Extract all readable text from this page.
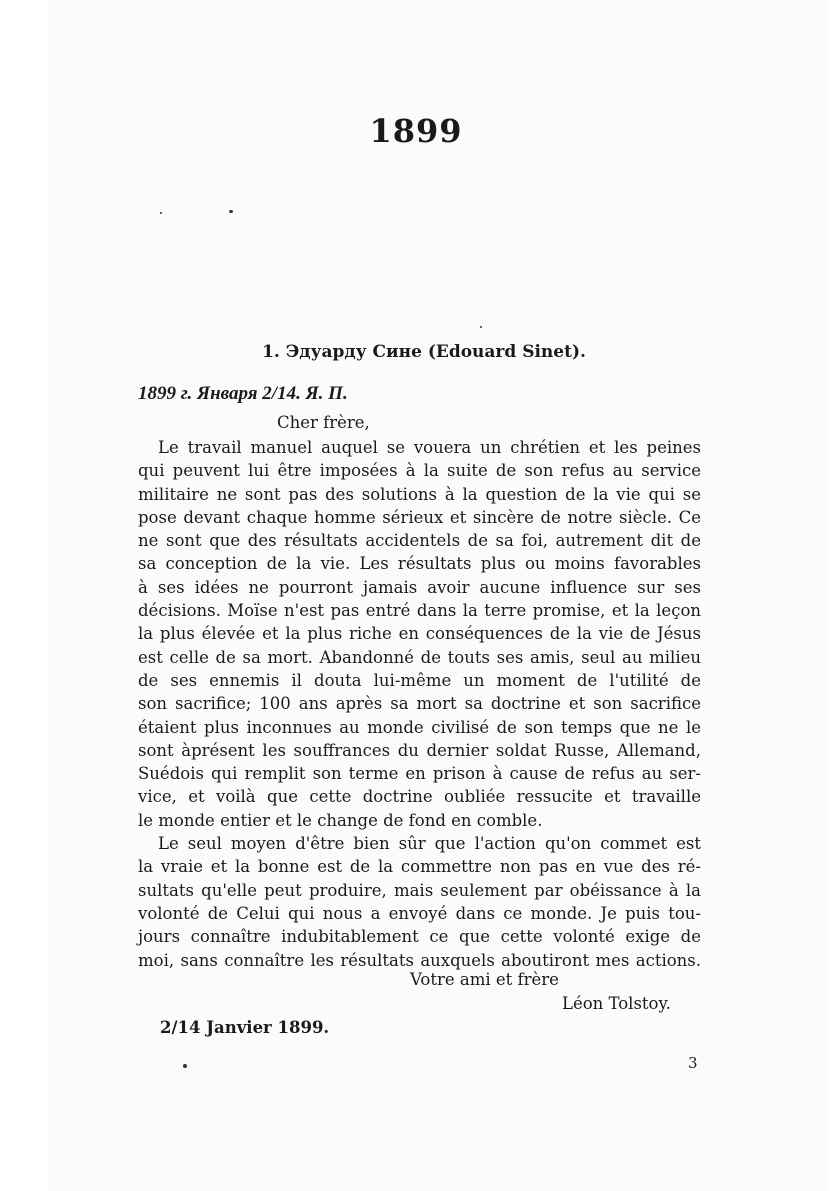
1899
1. Эдуарду Сине (Edouard Sinet).
1899 г. Января 2/14. Я. П.
Cher frère,
Le travail manuel auquel se vouera un chrétien et les peines
qui peuvent lui être imposées à la suite de son refus au service
militaire ne sont pas des solutions à la question de la vie qui se
pose devant chaque homme sérieux et sincère de notre siècle. Ce
ne sont que des résultats accidentels de sa foi, autrement dit de
sa conception de la vie. Les résultats plus ou moins favorables
à ses idées ne pourront jamais avoir aucune influence sur ses
décisions. Moïse n'est pas entré dans la terre promise, et la leçon
la plus élevée et la plus riche en conséquences de la vie de Jésus
est celle de sa mort. Abandonné de touts ses amis, seul au milieu
de ses ennemis il douta lui-même un moment de l'utilité de
son sacrifice; 100 ans après sa mort sa doctrine et son sacrifice
étaient plus inconnues au monde civilisé de son temps que ne le
sont àprésent les souffrances du dernier soldat Russe, Allemand,
Suédois qui remplit son terme en prison à cause de refus au ser-
vice, et voilà que cette doctrine oubliée ressucite et travaille
le monde entier et le change de fond en comble.
Le seul moyen d'être bien sûr que l'action qu'on commet est
la vraie et la bonne est de la commettre non pas en vue des ré-
sultats qu'elle peut produire, mais seulement par obéissance à la
volonté de Celui qui nous a envoyé dans ce monde. Je puis tou-
jours connaître indubitablement ce que cette volonté exige de
moi, sans connaître les résultats auxquels aboutiront mes actions.
Votre ami et frère
Léon Tolstoy.
2/14 Janvier 1899.
3
